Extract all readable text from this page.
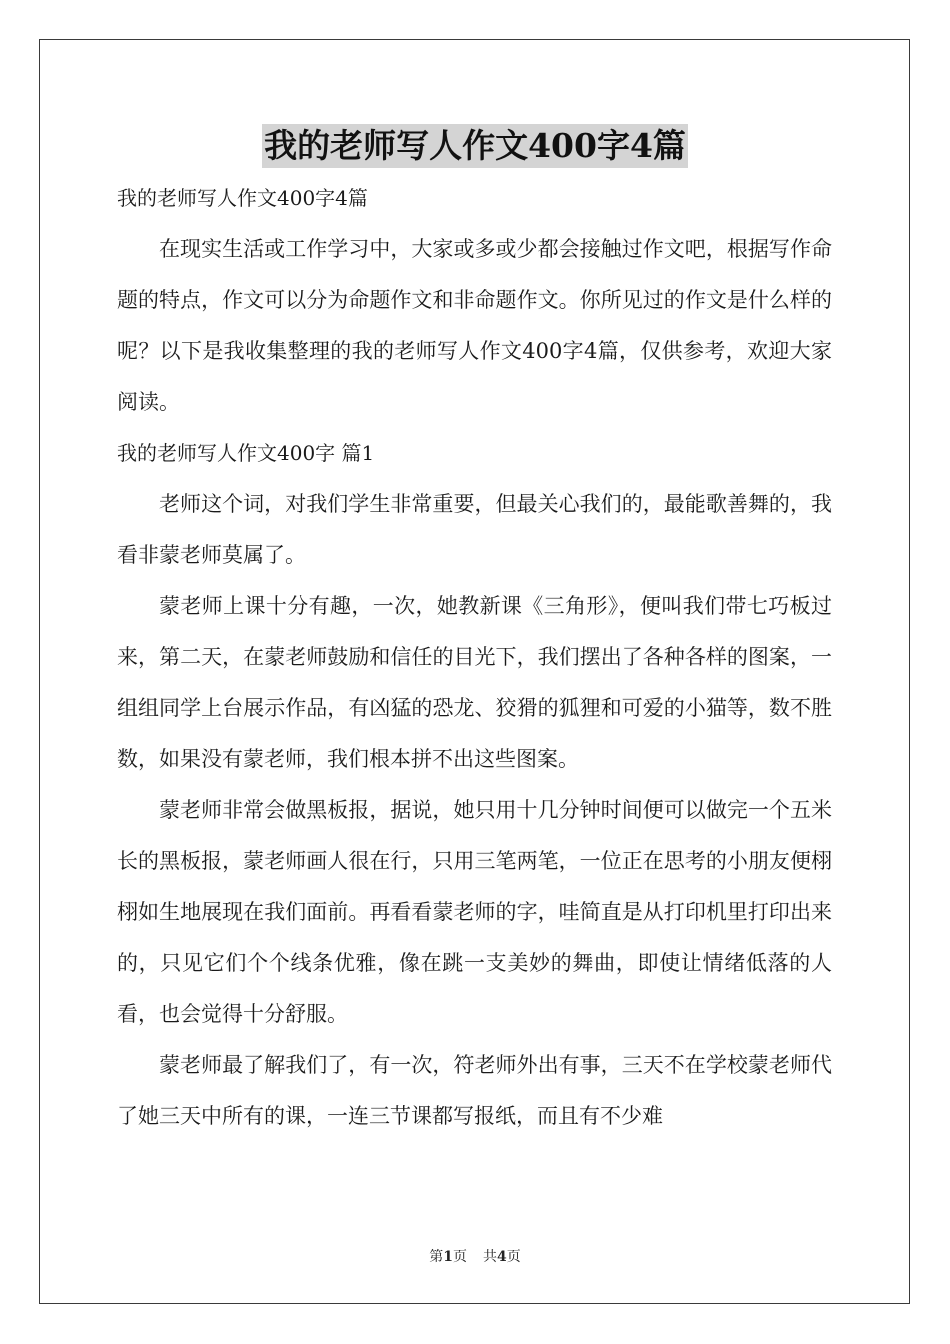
我的老师写人作文400字4篇

我的老师写人作文400字4篇

在现实生活或工作学习中，大家或多或少都会接触过作文吧，根据写作命题的特点，作文可以分为命题作文和非命题作文。你所见过的作文是什么样的呢？以下是我收集整理的我的老师写人作文400字4篇，仅供参考，欢迎大家阅读。

我的老师写人作文400字 篇1

老师这个词，对我们学生非常重要，但最关心我们的，最能歌善舞的，我看非蒙老师莫属了。

蒙老师上课十分有趣，一次，她教新课《三角形》，便叫我们带七巧板过来，第二天，在蒙老师鼓励和信任的目光下，我们摆出了各种各样的图案，一组组同学上台展示作品，有凶猛的恐龙、狡猾的狐狸和可爱的小猫等，数不胜数，如果没有蒙老师，我们根本拼不出这些图案。

蒙老师非常会做黑板报，据说，她只用十几分钟时间便可以做完一个五米长的黑板报，蒙老师画人很在行，只用三笔两笔，一位正在思考的小朋友便栩栩如生地展现在我们面前。再看看蒙老师的字，哇简直是从打印机里打印出来的，只见它们个个线条优雅，像在跳一支美妙的舞曲，即使让情绪低落的人看，也会觉得十分舒服。

蒙老师最了解我们了，有一次，符老师外出有事，三天不在学校蒙老师代了她三天中所有的课，一连三节课都写报纸，而且有不少难

第1页 共4页
